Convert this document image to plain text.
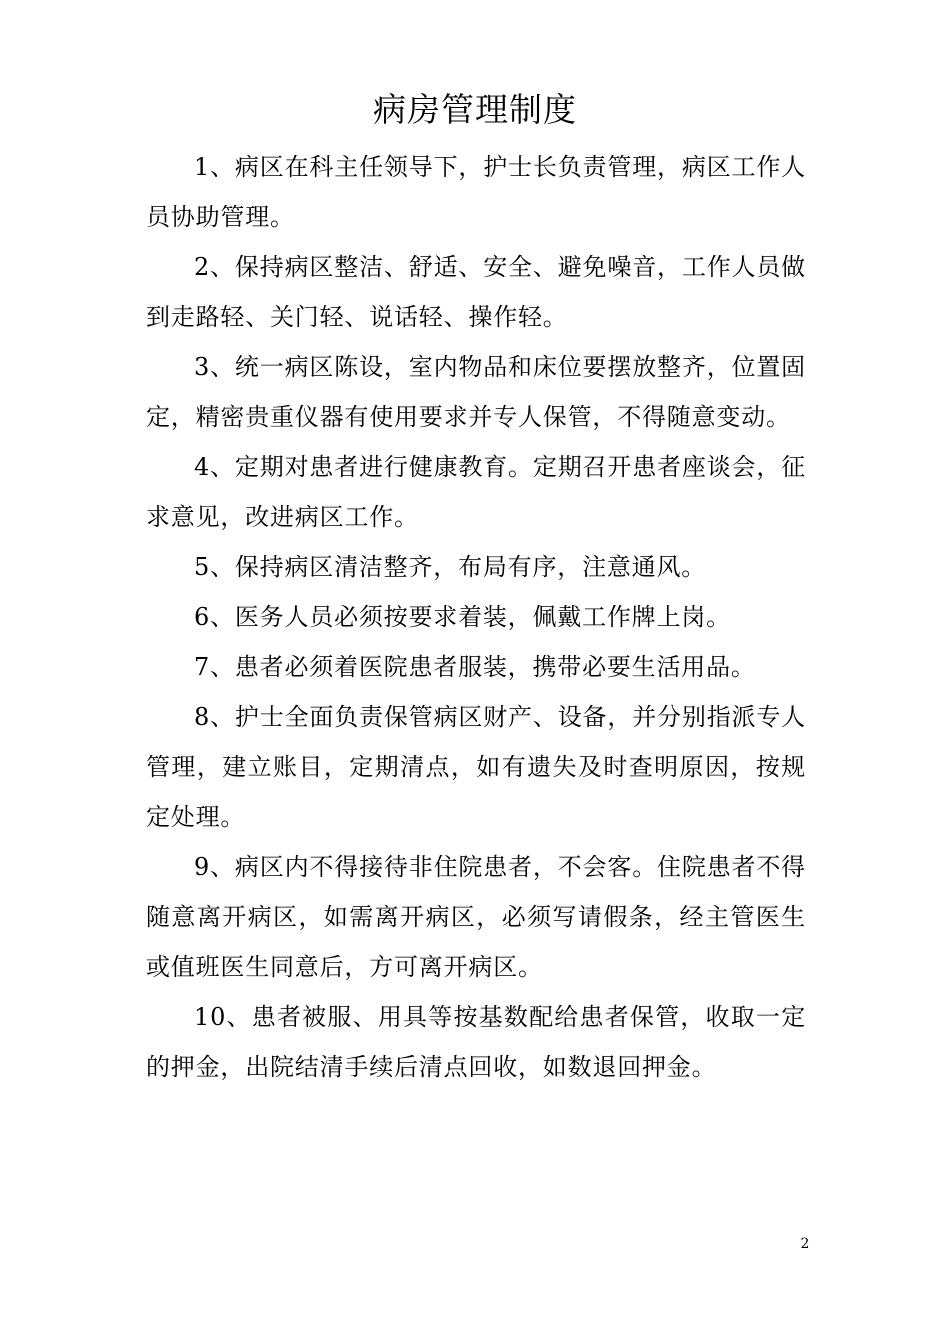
病房管理制度

1、病区在科主任领导下，护士长负责管理，病区工作人员协助管理。

2、保持病区整洁、舒适、安全、避免噪音，工作人员做到走路轻、关门轻、说话轻、操作轻。

3、统一病区陈设，室内物品和床位要摆放整齐，位置固定，精密贵重仪器有使用要求并专人保管，不得随意变动。

4、定期对患者进行健康教育。定期召开患者座谈会，征求意见，改进病区工作。

5、保持病区清洁整齐，布局有序，注意通风。

6、医务人员必须按要求着装，佩戴工作牌上岗。

7、患者必须着医院患者服装，携带必要生活用品。

8、护士全面负责保管病区财产、设备，并分别指派专人管理，建立账目，定期清点，如有遗失及时查明原因，按规定处理。

9、病区内不得接待非住院患者，不会客。住院患者不得随意离开病区，如需离开病区，必须写请假条，经主管医生或值班医生同意后，方可离开病区。

10、患者被服、用具等按基数配给患者保管，收取一定的押金，出院结清手续后清点回收，如数退回押金。

2
